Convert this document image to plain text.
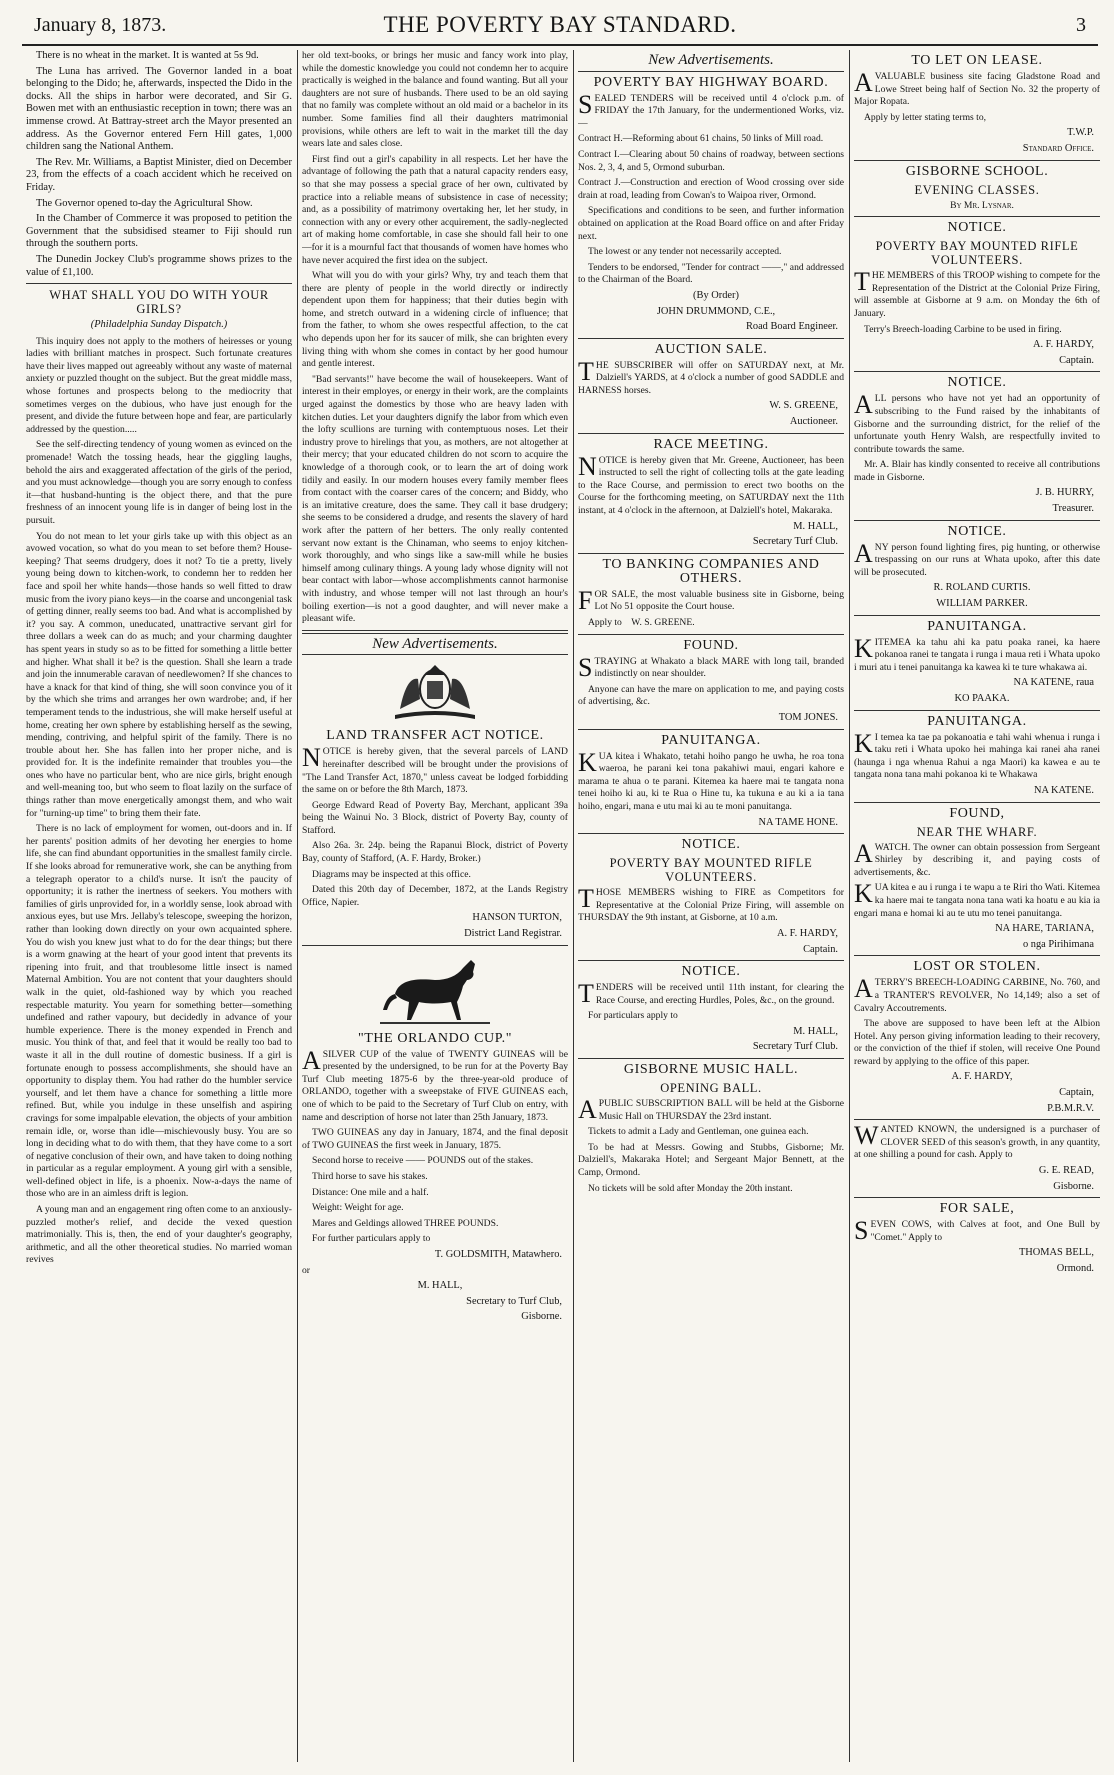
January 8, 1873.	THE POVERTY BAY STANDARD.	3

There is no wheat in the market. It is wanted at 5s 9d.

The Luna has arrived. The Governor landed in a boat belonging to the Dido; he, afterwards, inspected the Dido in the docks. All the ships in harbor were decorated, and Sir G. Bowen met with an enthusiastic reception in town; there was an immense crowd. At Battray-street arch the Mayor presented an address. As the Governor entered Fern Hill gates, 1,000 children sang the National Anthem.

The Rev. Mr. Williams, a Baptist Minister, died on December 23, from the effects of a coach accident which he received on Friday.

The Governor opened to-day the Agricultural Show.

In the Chamber of Commerce it was proposed to petition the Government that the subsidised steamer to Fiji should run through the southern ports.

The Dunedin Jockey Club's programme shows prizes to the value of £1,100.

WHAT SHALL YOU DO WITH YOUR GIRLS?
(Philadelphia Sunday Dispatch.)

This inquiry does not apply to the mothers of heiresses or young ladies with brilliant matches in prospect. Such fortunate creatures have their lives mapped out agreeably without any waste of maternal anxiety or puzzled thought on the subject. But the great middle mass, whose fortunes and prospects belong to the mediocrity that sometimes verges on the dubious, who have just enough for the present, and divide the future between hope and fear, are particularly addressed by the question.....

See the self-directing tendency of young women as evinced on the promenade! Watch the tossing heads, hear the giggling laughs, behold the airs and exaggerated affectation of the girls of the period, and you must acknowledge—though you are sorry enough to confess it—that husband-hunting is the object there, and that the pure freshness of an innocent young life is in danger of being lost in the pursuit.

You do not mean to let your girls take up with this object as an avowed vocation, so what do you mean to set before them? House-keeping? That seems drudgery, does it not? To tie a pretty, lively young being down to kitchen-work, to condemn her to redden her face and spoil her white hands—those hands so well fitted to draw music from the ivory piano keys—in the coarse and uncongenial task of getting dinner, really seems too bad. And what is accomplished by it? you say. A common, uneducated, unattractive servant girl for three dollars a week can do as much; and your charming daughter has spent years in study so as to be fitted for something a little better and higher. What shall it be? is the question. Shall she learn a trade and join the innumerable caravan of needlewomen? If she chances to have a knack for that kind of thing, she will soon convince you of it by the which she trims and arranges her own wardrobe; and, if her temperament tends to the industrious, she will make herself useful at home, creating her own sphere by establishing herself as the sewing, mending, contriving, and helpful spirit of the family. There is no trouble about her. She has fallen into her proper niche, and is provided for. It is the indefinite remainder that troubles you—the ones who have no particular bent, who are nice girls, bright enough and well-meaning too, but who seem to float lazily on the surface of things rather than move energetically amongst them, and who wait for "turning-up time" to bring them their fate.

There is no lack of employment for women, out-doors and in. If her parents' position admits of her devoting her energies to home life, she can find abundant opportunities in the smallest family circle. If she looks abroad for remunerative work, she can be anything from a telegraph operator to a child's nurse. It isn't the paucity of opportunity; it is rather the inertness of seekers. You mothers with families of girls unprovided for, in a worldly sense, look abroad with anxious eyes, but use Mrs. Jellaby's telescope, sweeping the horizon, rather than looking down directly on your own acquainted sphere. You do wish you knew just what to do for the dear things; but there is a worm gnawing at the heart of your good intent that prevents its ripening into fruit, and that troublesome little insect is named Maternal Ambition. You are not content that your daughters should walk in the quiet, old-fashioned way by which you reached respectable maturity. You yearn for something better—something undefined and rather vapoury, but decidedly in advance of your humble experience. There is the money expended in French and music. You think of that, and feel that it would be really too bad to waste it all in the dull routine of domestic business. If a girl is fortunate enough to possess accomplishments, she should have an opportunity to display them. You had rather do the humbler service yourself, and let them have a chance for something a little more refined. But, while you indulge in these unselfish and aspiring cravings for some impalpable elevation, the objects of your ambition remain idle, or, worse than idle—mischievously busy. You are so long in deciding what to do with them, that they have come to a sort of negative conclusion of their own, and have taken to doing nothing in particular as a regular employment. A young girl with a sensible, well-defined object in life, is a phoenix. Now-a-days the name of those who are in an aimless drift is legion.

A young man and an engagement ring often come to an anxiously-puzzled mother's relief, and decide the vexed question matrimonially. This is, then, the end of your daughter's geography, arithmetic, and all the other theoretical studies. No married woman revives

her old text-books, or brings her music and fancy work into play, while the domestic knowledge you could not condemn her to acquire practically is weighed in the balance and found wanting. But all your daughters are not sure of husbands. There used to be an old saying that no family was complete without an old maid or a bachelor in its number. Some families find all their daughters matrimonial provisions, while others are left to wait in the market till the day wears late and sales close.

First find out a girl's capability in all respects. Let her have the advantage of following the path that a natural capacity renders easy, so that she may possess a special grace of her own, cultivated by practice into a reliable means of subsistence in case of necessity; and, as a possibility of matrimony overtaking her, let her study, in connection with any or every other acquirement, the sadly-neglected art of making home comfortable, in case she should fall heir to one—for it is a mournful fact that thousands of women have homes who have never acquired the first idea on the subject.

What will you do with your girls? Why, try and teach them that there are plenty of people in the world directly or indirectly dependent upon them for happiness; that their duties begin with home, and stretch outward in a widening circle of influence; that from the father, to whom she owes respectful affection, to the cat who depends upon her for its saucer of milk, she can brighten every living thing with whom she comes in contact by her good humour and gentle interest.

"Bad servants!" have become the wail of housekeepers. Want of interest in their employes, or energy in their work, are the complaints urged against the domestics by those who are heavy laden with kitchen duties. Let your daughters dignify the labor from which even the lofty scullions are turning with contemptuous noses. Let their industry prove to hirelings that you, as mothers, are not altogether at their mercy; that your educated children do not scorn to acquire the knowledge of a thorough cook, or to learn the art of doing work tidily and easily. In our modern houses every family member flees from contact with the coarser cares of the concern; and Biddy, who is an imitative creature, does the same. They call it base drudgery; she seems to be considered a drudge, and resents the slavery of hard work after the pattern of her betters. The only really contented servant now extant is the Chinaman, who seems to enjoy kitchen-work thoroughly, and who sings like a saw-mill while he busies himself among culinary things. A young lady whose dignity will not bear contact with labor—whose accomplishments cannot harmonise with industry, and whose temper will not last through an hour's boiling exertion—is not a good daughter, and will never make a pleasant wife.

New Advertisements.
LAND TRANSFER ACT NOTICE.

NOTICE is hereby given, that the several parcels of LAND hereinafter described will be brought under the provisions of "The Land Transfer Act, 1870," unless caveat be lodged forbidding the same on or before the 8th March, 1873.

George Edward Read of Poverty Bay, Merchant, applicant 39a being the Wainui No. 3 Block, district of Poverty Bay, county of Stafford.

Also 26a. 3r. 24p. being the Rapanui Block, district of Poverty Bay, county of Stafford, (A. F. Hardy, Broker.)

Diagrams may be inspected at this office.

Dated this 20th day of December, 1872, at the Lands Registry Office, Napier.

HANSON TURTON,

District Land Registrar.

"THE ORLANDO CUP."

ASILVER CUP of the value of TWENTY GUINEAS will be presented by the undersigned, to be run for at the Poverty Bay Turf Club meeting 1875-6 by the three-year-old produce of ORLANDO, together with a sweepstake of FIVE GUINEAS each, one of which to be paid to the Secretary of Turf Club on entry, with name and description of horse not later than 25th January, 1873.

TWO GUINEAS any day in January, 1874, and the final deposit of TWO GUINEAS the first week in January, 1875.

Second horse to receive —— POUNDS out of the stakes.

Third horse to save his stakes.

Distance: One mile and a half.

Weight: Weight for age.

Mares and Geldings allowed THREE POUNDS.

For further particulars apply to

T. GOLDSMITH, Matawhero.

or

M. HALL,

Secretary to Turf Club,

Gisborne.

New Advertisements.
POVERTY BAY HIGHWAY BOARD.

SEALED TENDERS will be received until 4 o'clock p.m. of FRIDAY the 17th January, for the undermentioned Works, viz.—

Contract H.—Reforming about 61 chains, 50 links of Mill road.

Contract I.—Clearing about 50 chains of roadway, between sections Nos. 2, 3, 4, and 5, Ormond suburban.

Contract J.—Construction and erection of Wood crossing over side drain at road, leading from Cowan's to Waipoa river, Ormond.

Specifications and conditions to be seen, and further information obtained on application at the Road Board office on and after Friday next.

The lowest or any tender not necessarily accepted.

Tenders to be endorsed, "Tender for contract ——," and addressed to the Chairman of the Board.

(By Order)

JOHN DRUMMOND, C.E.,

Road Board Engineer.

AUCTION SALE.

THE SUBSCRIBER will offer on SATURDAY next, at Mr. Dalziell's YARDS, at 4 o'clock a number of good SADDLE and HARNESS horses.

W. S. GREENE,

Auctioneer.

RACE MEETING.

NOTICE is hereby given that Mr. Greene, Auctioneer, has been instructed to sell the right of collecting tolls at the gate leading to the Race Course, and permission to erect two booths on the Course for the forthcoming meeting, on SATURDAY next the 11th instant, at 4 o'clock in the afternoon, at Dalziell's hotel, Makaraka.

M. HALL,

Secretary Turf Club.

TO BANKING COMPANIES AND OTHERS.

FOR SALE, the most valuable business site in Gisborne, being Lot No 51 opposite the Court house.

Apply to W. S. GREENE.

FOUND.

STRAYING at Whakato a black MARE with long tail, branded indistinctly on near shoulder.

Anyone can have the mare on application to me, and paying costs of advertising, &c.

TOM JONES.

PANUITANGA.

KUA kitea i Whakato, tetahi hoiho pango he uwha, he roa tona waeroa, he parani kei tona pakahiwi maui, engari kahore e marama te ahua o te parani. Kitemea ka haere mai te tangata nona tenei hoiho ki au, ki te Rua o Hine tu, ka tukuna e au ki a ia tana hoiho, engari, mana e utu mai ki au te moni panuitanga.

NA TAME HONE.

NOTICE.
POVERTY BAY MOUNTED RIFLE VOLUNTEERS.

THOSE MEMBERS wishing to FIRE as Competitors for Representative at the Colonial Prize Firing, will assemble on THURSDAY the 9th instant, at Gisborne, at 10 a.m.

A. F. HARDY,

Captain.

NOTICE.

TENDERS will be received until 11th instant, for clearing the Race Course, and erecting Hurdles, Poles, &c., on the ground.

For particulars apply to

M. HALL,

Secretary Turf Club.

GISBORNE MUSIC HALL.
OPENING BALL.

APUBLIC SUBSCRIPTION BALL will be held at the Gisborne Music Hall on THURSDAY the 23rd instant.

Tickets to admit a Lady and Gentleman, one guinea each.

To be had at Messrs. Gowing and Stubbs, Gisborne; Mr. Dalziell's, Makaraka Hotel; and Sergeant Major Bennett, at the Camp, Ormond.

No tickets will be sold after Monday the 20th instant.

TO LET ON LEASE.

AVALUABLE business site facing Gladstone Road and Lowe Street being half of Section No. 32 the property of Major Ropata.

Apply by letter stating terms to,

T.W.P.

Standard Office.

GISBORNE SCHOOL.
EVENING CLASSES.

By Mr. Lysnar.

NOTICE.
POVERTY BAY MOUNTED RIFLE VOLUNTEERS.

THE MEMBERS of this TROOP wishing to compete for the Representation of the District at the Colonial Prize Firing, will assemble at Gisborne at 9 a.m. on Monday the 6th of January.

Terry's Breech-loading Carbine to be used in firing.

A. F. HARDY,

Captain.

NOTICE.

ALL persons who have not yet had an opportunity of subscribing to the Fund raised by the inhabitants of Gisborne and the surrounding district, for the relief of the unfortunate youth Henry Walsh, are respectfully invited to contribute towards the same.

Mr. A. Blair has kindly consented to receive all contributions made in Gisborne.

J. B. HURRY,

Treasurer.

NOTICE.

ANY person found lighting fires, pig hunting, or otherwise trespassing on our runs at Whata upoko, after this date will be prosecuted.

R. ROLAND CURTIS.

WILLIAM PARKER.

PANUITANGA.

KITEMEA ka tahu ahi ka patu poaka ranei, ka haere pokanoa ranei te tangata i runga i maua reti i Whata upoko i muri atu i tenei panuitanga ka kawea ki te ture whakawa ai.

NA KATENE, raua

KO PAAKA.

PANUITANGA.

K I temea ka tae pa pokanoatia e tahi wahi whenua i runga i taku reti i Whata upoko hei mahinga kai ranei aha ranei (haunga i nga whenua Rahui a nga Maori) ka kawea e au te tangata nona tana mahi pokanoa ki te Whakawa

NA KATENE.

FOUND,
NEAR THE WHARF.

AWATCH. The owner can obtain possession from Sergeant Shirley by describing it, and paying costs of advertisements, &c.

KUA kitea e au i runga i te wapu a te Riri tho Wati. Kitemea ka haere mai te tangata nona tana wati ka hoatu e au kia ia engari mana e homai ki au te utu mo tenei panuitanga.

NA HARE, TARIANA,

o nga Pirihimana

LOST OR STOLEN.

ATERRY'S BREECH-LOADING CARBINE, No. 760, and a TRANTER'S REVOLVER, No 14,149; also a set of Cavalry Accoutrements.

The above are supposed to have been left at the Albion Hotel. Any person giving information leading to their recovery, or the conviction of the thief if stolen, will receive One Pound reward by applying to the office of this paper.

A. F. HARDY,

Captain,

P.B.M.R.V.

WANTED KNOWN, the undersigned is a purchaser of CLOVER SEED of this season's growth, in any quantity, at one shilling a pound for cash. Apply to

G. E. READ,

Gisborne.

FOR SALE,

SEVEN COWS, with Calves at foot, and One Bull by "Comet." Apply to

THOMAS BELL,

Ormond.
